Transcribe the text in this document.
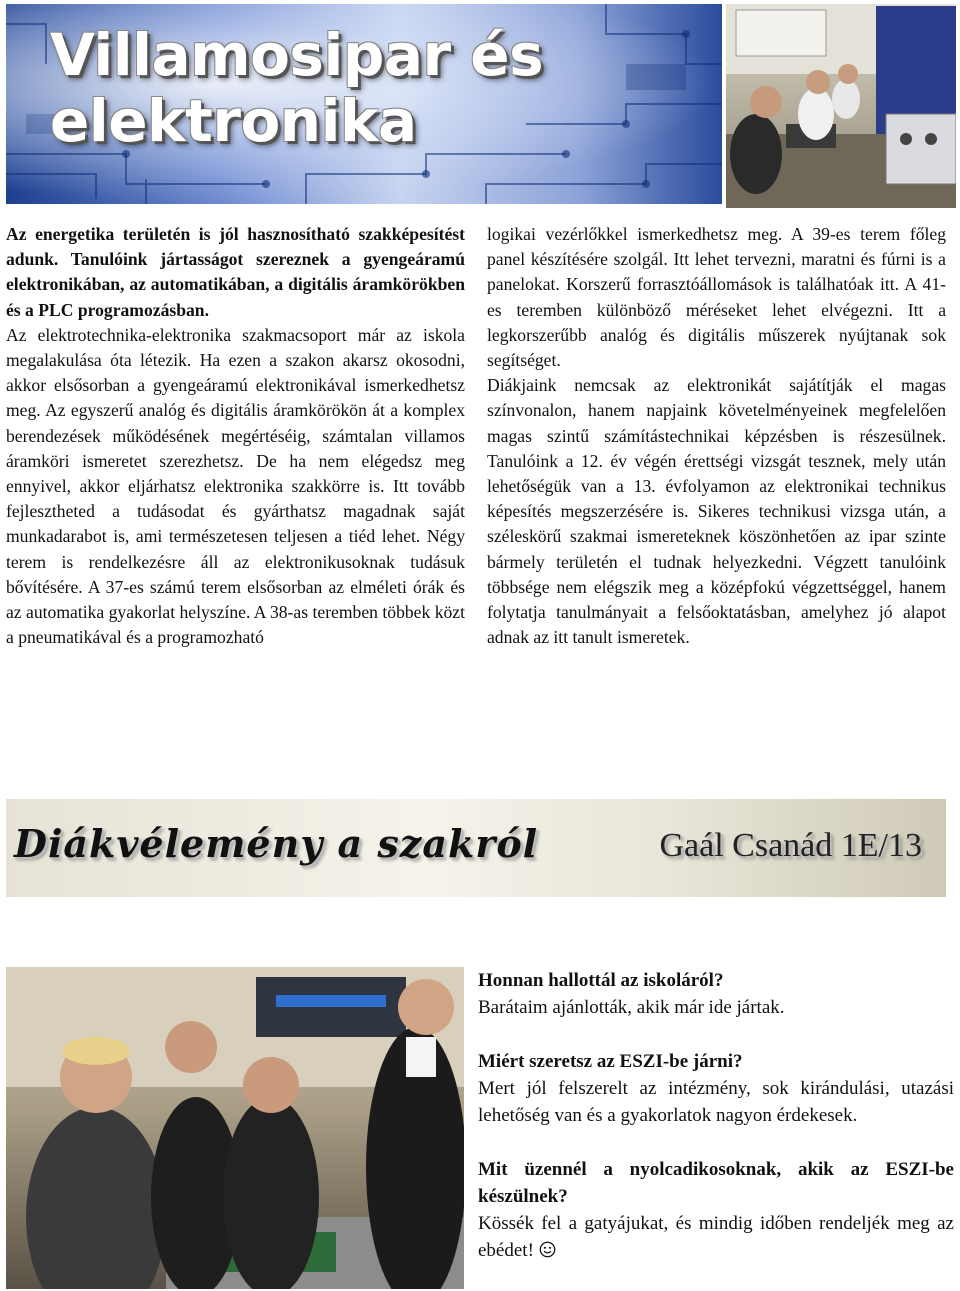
Villamosipar és
elektronika

Az energetika területén is jól hasznosítható szakképesítést adunk. Tanulóink jártasságot szereznek a gyengeáramú elektronikában, az automatikában, a digitális áramkörökben és a PLC programozásban.

Az elektrotechnika-elektronika szakmacsoport már az iskola megalakulása óta létezik. Ha ezen a szakon akarsz okosodni, akkor elsősorban a gyengeáramú elektronikával ismerkedhetsz meg. Az egyszerű analóg és digitális áramkörökön át a komplex berendezések működésének megértéséig, számtalan villamos áramköri ismeretet szerezhetsz. De ha nem elégedsz meg ennyivel, akkor eljárhatsz elektronika szakkörre is. Itt tovább fejlesztheted a tudásodat és gyárthatsz magadnak saját munkadarabot is, ami természetesen teljesen a tiéd lehet. Négy terem is rendelkezésre áll az elektronikusoknak tudásuk bővítésére. A 37-es számú terem elsősorban az elméleti órák és az automatika gyakorlat helyszíne. A 38-as teremben többek közt a pneumatikával és a programozható

logikai vezérlőkkel ismerkedhetsz meg. A 39-es terem főleg panel készítésére szolgál. Itt lehet tervezni, maratni és fúrni is a panelokat. Korszerű forrasztóállomások is találhatóak itt. A 41-es teremben különböző méréseket lehet elvégezni. Itt a legkorszerűbb analóg és digitális műszerek nyújtanak sok segítséget.

Diákjaink nemcsak az elektronikát sajátítják el magas színvonalon, hanem napjaink követelményeinek megfelelően magas szintű számítástechnikai képzésben is részesülnek. Tanulóink a 12. év végén érettségi vizsgát tesznek, mely után lehetőségük van a 13. évfolyamon az elektronikai technikus képesítés megszerzésére is. Sikeres technikusi vizsga után, a széleskörű szakmai ismereteknek köszönhetően az ipar szinte bármely területén el tudnak helyezkedni. Végzett tanulóink többsége nem elégszik meg a középfokú végzettséggel, hanem folytatja tanulmányait a felsőoktatásban, amelyhez jó alapot adnak az itt tanult ismeretek.

Diákvélemény a szakról	Gaál Csanád 1E/13
Honnan hallottál az iskoláról?
Barátaim ajánlották, akik már ide jártak.
Miért szeretsz az ESZI-be járni?
Mert jól felszerelt az intézmény, sok kirándulási, utazási lehetőség van és a gyakorlatok nagyon érdekesek.
Mit üzennél a nyolcadikosoknak, akik az ESZI-be készülnek?
Kössék fel a gatyájukat, és mindig időben rendeljék meg az ebédet!
